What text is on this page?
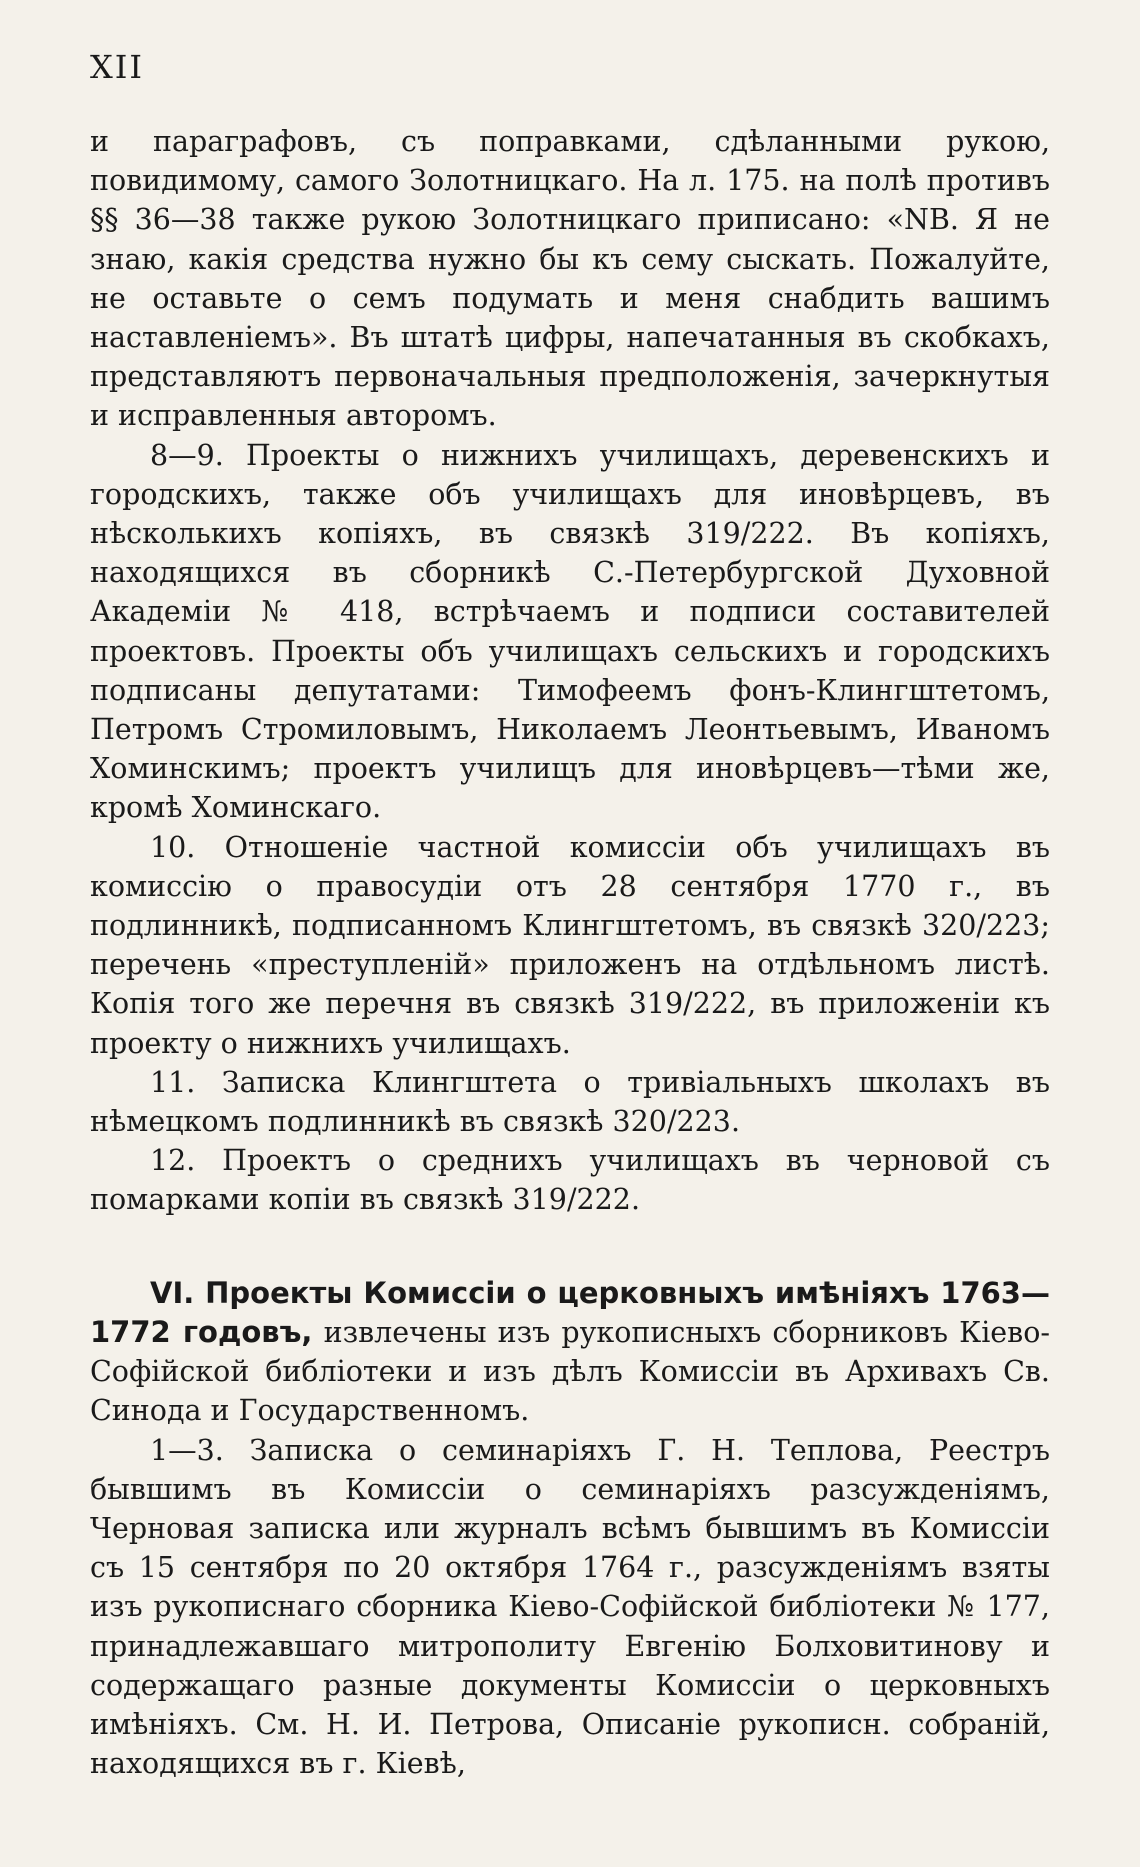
XII

и параграфовъ, съ поправками, сдѣланными рукою, повидимому, самого Золотницкаго. На л. 175. на полѣ противъ §§ 36—38 также рукою Золотницкаго приписано: «NB. Я не знаю, какія средства нужно бы къ сему сыскать. Пожалуйте, не оставьте о семъ подумать и меня снабдить вашимъ наставленіемъ». Въ штатѣ цифры, напечатанныя въ скобкахъ, представляютъ первоначальныя предположенія, зачеркнутыя и исправленныя авторомъ.

8—9. Проекты о нижнихъ училищахъ, деревенскихъ и городскихъ, также объ училищахъ для иновѣрцевъ, въ нѣсколькихъ копіяхъ, въ связкѣ 319/222. Въ копіяхъ, находящихся въ сборникѣ С.-Петербургской Духовной Академіи № 418, встрѣчаемъ и подписи составителей проектовъ. Проекты объ училищахъ сельскихъ и городскихъ подписаны депутатами: Тимофеемъ фонъ-Клингштетомъ, Петромъ Стромиловымъ, Николаемъ Леонтьевымъ, Иваномъ Хоминскимъ; проектъ училищъ для иновѣрцевъ—тѣми же, кромѣ Хоминскаго.

10. Отношеніе частной комиссіи объ училищахъ въ комиссію о правосудіи отъ 28 сентября 1770 г., въ подлинникѣ, подписанномъ Клингштетомъ, въ связкѣ 320/223; перечень «преступленій» приложенъ на отдѣльномъ листѣ. Копія того же перечня въ связкѣ 319/222, въ приложеніи къ проекту о нижнихъ училищахъ.

11. Записка Клингштета о тривіальныхъ школахъ въ нѣмецкомъ подлинникѣ въ связкѣ 320/223.

12. Проектъ о среднихъ училищахъ въ черновой съ помарками копіи въ связкѣ 319/222.

VI. Проекты Комиссіи о церковныхъ имѣніяхъ 1763—1772 годовъ, извлечены изъ рукописныхъ сборниковъ Кіево-Софійской библіотеки и изъ дѣлъ Комиссіи въ Архивахъ Св. Синода и Государственномъ.

1—3. Записка о семинаріяхъ Г. Н. Теплова, Реестръ бывшимъ въ Комиссіи о семинаріяхъ разсужденіямъ, Черновая записка или журналъ всѣмъ бывшимъ въ Комиссіи съ 15 сентября по 20 октября 1764 г., разсужденіямъ взяты изъ рукописнаго сборника Кіево-Софійской библіотеки № 177, принадлежавшаго митрополиту Евгенію Болховитинову и содержащаго разные документы Комиссіи о церковныхъ имѣніяхъ. См. Н. И. Петрова, Описаніе рукописн. собраній, находящихся въ г. Кіевѣ,
